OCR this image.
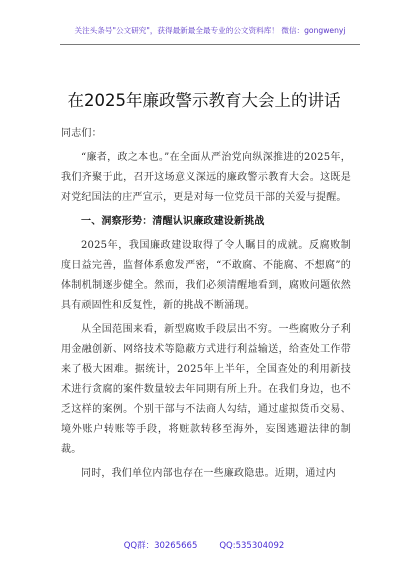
关注头条号"公文研究"，获得最新最全最专业的公文资料库！ 微信：gongwenyj
在2025年廉政警示教育大会上的讲话

同志们：

“廉者，政之本也。”在全面从严治党向纵深推进的2025年，我们齐聚于此，召开这场意义深远的廉政警示教育大会。这既是对党纪国法的庄严宣示，更是对每一位党员干部的关爱与提醒。

一、洞察形势：清醒认识廉政建设新挑战

2025年，我国廉政建设取得了令人瞩目的成就。反腐败制度日益完善，监督体系愈发严密，“不敢腐、不能腐、不想腐”的体制机制逐步健全。然而，我们必须清醒地看到，腐败问题依然具有顽固性和反复性，新的挑战不断涌现。

从全国范围来看，新型腐败手段层出不穷。一些腐败分子利用金融创新、网络技术等隐蔽方式进行利益输送，给查处工作带来了极大困难。据统计，2025年上半年，全国查处的利用新技术进行贪腐的案件数量较去年同期有所上升。在我们身边，也不乏这样的案例。个别干部与不法商人勾结，通过虚拟货币交易、境外账户转账等手段，将赃款转移至海外，妄图逃避法律的制裁。

同时，我们单位内部也存在一些廉政隐患。近期，通过内

QQ群：30265665	QQ:535304092
